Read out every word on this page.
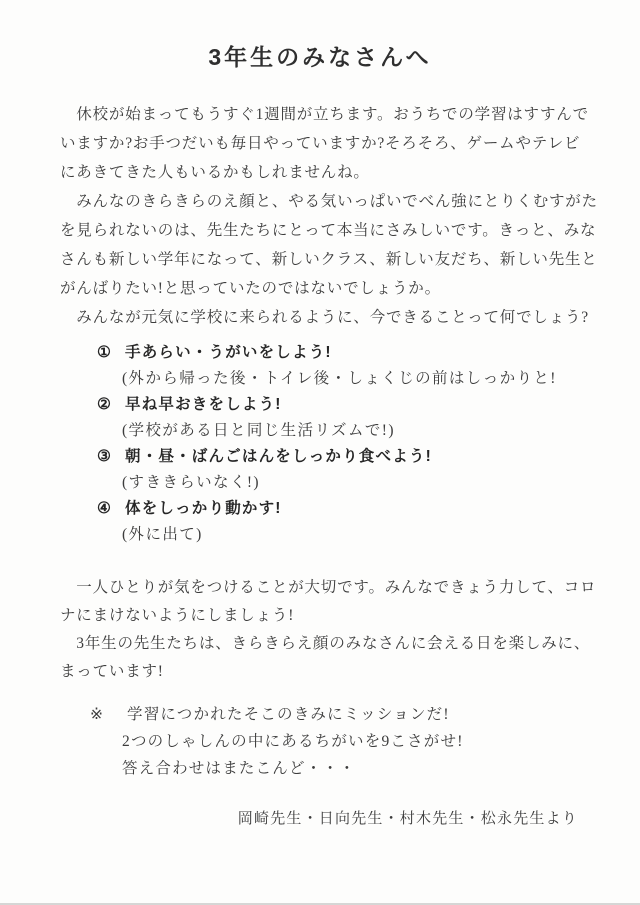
3年生のみなさんへ
　休校が始まってもうすぐ1週間が立ちます。おうちでの学習はすすんで
いますか?お手つだいも毎日やっていますか?そろそろ、ゲームやテレビ
にあきてきた人もいるかもしれませんね。
　みんなのきらきらのえ顔と、やる気いっぱいでべん強にとりくむすがた
を見られないのは、先生たちにとって本当にさみしいです。きっと、みな
さんも新しい学年になって、新しいクラス、新しい友だち、新しい先生と
がんばりたい!と思っていたのではないでしょうか。
　みんなが元気に学校に来られるように、今できることって何でしょう?
① 手あらい・うがいをしよう!
(外から帰った後・トイレ後・しょくじの前はしっかりと!
② 早ね早おきをしよう!
(学校がある日と同じ生活リズムで!)
③ 朝・昼・ばんごはんをしっかり食べよう!
(すききらいなく!)
④ 体をしっかり動かす!
(外に出て)
　一人ひとりが気をつけることが大切です。みんなできょう力して、コロ
ナにまけないようにしましょう!
　3年生の先生たちは、きらきらえ顔のみなさんに会える日を楽しみに、
まっています!
※	学習につかれたそこのきみにミッションだ!
2つのしゃしんの中にあるちがいを9こさがせ!
答え合わせはまたこんど・・・
岡崎先生・日向先生・村木先生・松永先生より
